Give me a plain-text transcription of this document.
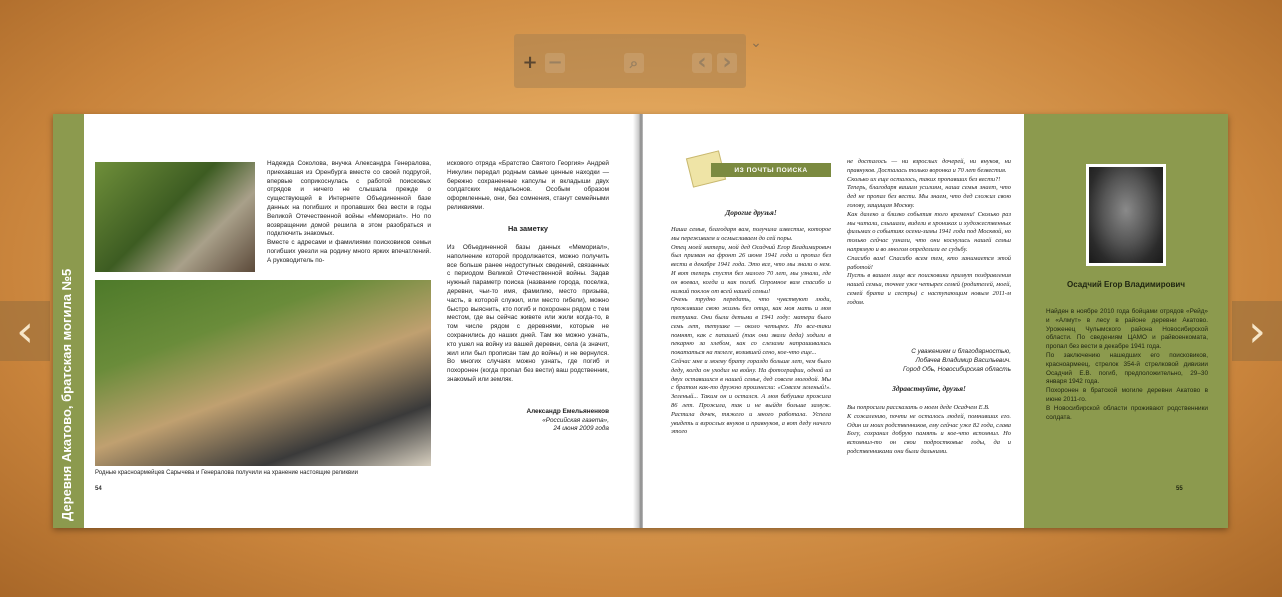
+ −	⌕	‹ ›
⌄
‹	›
Деревня Акатово, братская могила №5	Родные красноармейцев Сарычева и Генералова получили на хранение настоящие реликвии
Надежда Соколова, внучка Александра Генералова, приехавшая из Оренбурга вместе со своей подругой, впервые соприкоснулась с работой поисковых отрядов и ничего не слышала прежде о существующей в Интернете Объединенной базе данных на погибших и пропавших без вести в годы Великой Отечественной войны «Мемориал». Но по возвращении домой решила в этом разобраться и подключить знакомых.
Вместе с адресами и фамилиями поисковиков семьи погибших увезли на родину много ярких впечатлений. А руководитель по-
искового отряда «Братство Святого Георгия» Андрей Никулин передал родным самые ценные находки — бережно сохраненные капсулы и вкладыши двух солдатских медальонов. Особым образом оформленные, они, без сомнения, станут семейными реликвиями.
На заметку
Из Объединенной базы данных «Мемориал», наполнение которой продолжается, можно получить все больше ранее недоступных сведений, связанных с периодом Великой Отечественной войны. Задав нужный параметр поиска (название города, поселка, деревни, чьи-то имя, фамилию, место призыва, часть, в которой служил, или место гибели), можно быстро выяснить, кто погиб и похоронен рядом с тем местом, где вы сейчас живете или жили когда-то, в том числе рядом с деревнями, которые не сохранились до наших дней. Там же можно узнать, кто ушел на войну из вашей деревни, села (а значит, жил или был прописан там до войны) и не вернулся. Во многих случаях можно узнать, где погиб и похоронен (когда пропал без вести) ваш родственник, знакомый или земляк.
Александр Емельяненков
«Российская газета»,
24 июня 2009 года
54
ИЗ ПОЧТЫ ПОИСКА
Дорогие друзья!
Наша семья, благодаря вам, получила известие, которое мы переживаем и осмысливаем до сей поры.
Отец моей матери, мой дед Осадчий Егор Владимирович был призван на фронт 26 июня 1941 года и пропал без вести в декабре 1941 года. Это все, что мы знали о нем. И вот теперь спустя без малого 70 лет, мы узнали, где он воевал, когда и как погиб. Огромное вам спасибо и низкий поклон от всей нашей семьи!
Очень трудно передать, что чувствуют люди, прожившие свою жизнь без отца, как моя мать и моя тетушка. Они были детьми в 1941 году: матери было семь лет, тетушке — около четырех. Но все-таки помнят, как с папашей (так они звали деда) ходили в пекарню за хлебом, как со слезами напрашивались покататься на телеге, возившей сено, кое-что еще...
Сейчас мне и моему брату гораздо больше лет, чем было деду, когда он уходил на войну. На фотографии, одной из двух оставшихся в нашей семье, дед совсем молодой. Мы с братом как-то дружно произнесли: «Совсем зеленый!». Зеленый... Таким он и остался. А моя бабушка прожила 86 лет. Прожила, так и не выйдя больше замуж. Растила дочек, тяжело и много работала. Успела увидеть и взрослых внуков и правнуков, а вот деду ничего этого
не досталось — ни взрослых дочерей, ни внуков, ни правнуков. Досталась только воронка и 70 лет безвестия.
Сколько их еще осталось, таких пропавших без вести?!
Теперь, благодаря вашим усилиям, наша семья знает, что дед не пропал без вести. Мы знаем, что дед сложил свою голову, защищая Москву.
Как далеко и близко события того времени! Сколько раз мы читали, слышали, видели в хрониках и художественных фильмах о событиях осени-зимы 1941 года под Москвой, но только сейчас узнали, что они коснулись нашей семьи напрямую и во многом определили ее судьбу.
Спасибо вам! Спасибо всем тем, кто занимается этой работой!
Пусть в вашем лице все поисковики примут поздравления нашей семьи, точнее уже четырех семей (родителей, моей, семей брата и сестры) с наступающим новым 2011-м годом.
С уважением и благодарностью,
Лобачев Владимир Васильевич.
Город Обь, Новосибирская область
Здравствуйте, друзья!
Вы попросили рассказать о моем деде Осадчем Е.В.
К сожалению, почти не осталось людей, помнивших его. Один из моих родственников, ему сейчас уже 82 года, слава Богу, сохранил добрую память и кое-что вспомнил. Но вспомнил-то он свои подростковые годы, да и родственниками они были дальними.
Осадчий Егор Владимирович
Найден в ноябре 2010 года бойцами отрядов «Рейд» и «Алмут» в лесу в районе деревни Акатово. Уроженец Чулымского района Новосибирской области. По сведениям ЦАМО и райвоенкомата, пропал без вести в декабре 1941 года.
По заключению нашедших его поисковиков, красноармеец, стрелок 354-й стрелковой дивизии Осадчий Е.В. погиб, предположительно, 29–30 января 1942 года.
Похоронен в братской могиле деревни Акатово в июне 2011-го.
В Новосибирской области проживают родственники солдата.
55
